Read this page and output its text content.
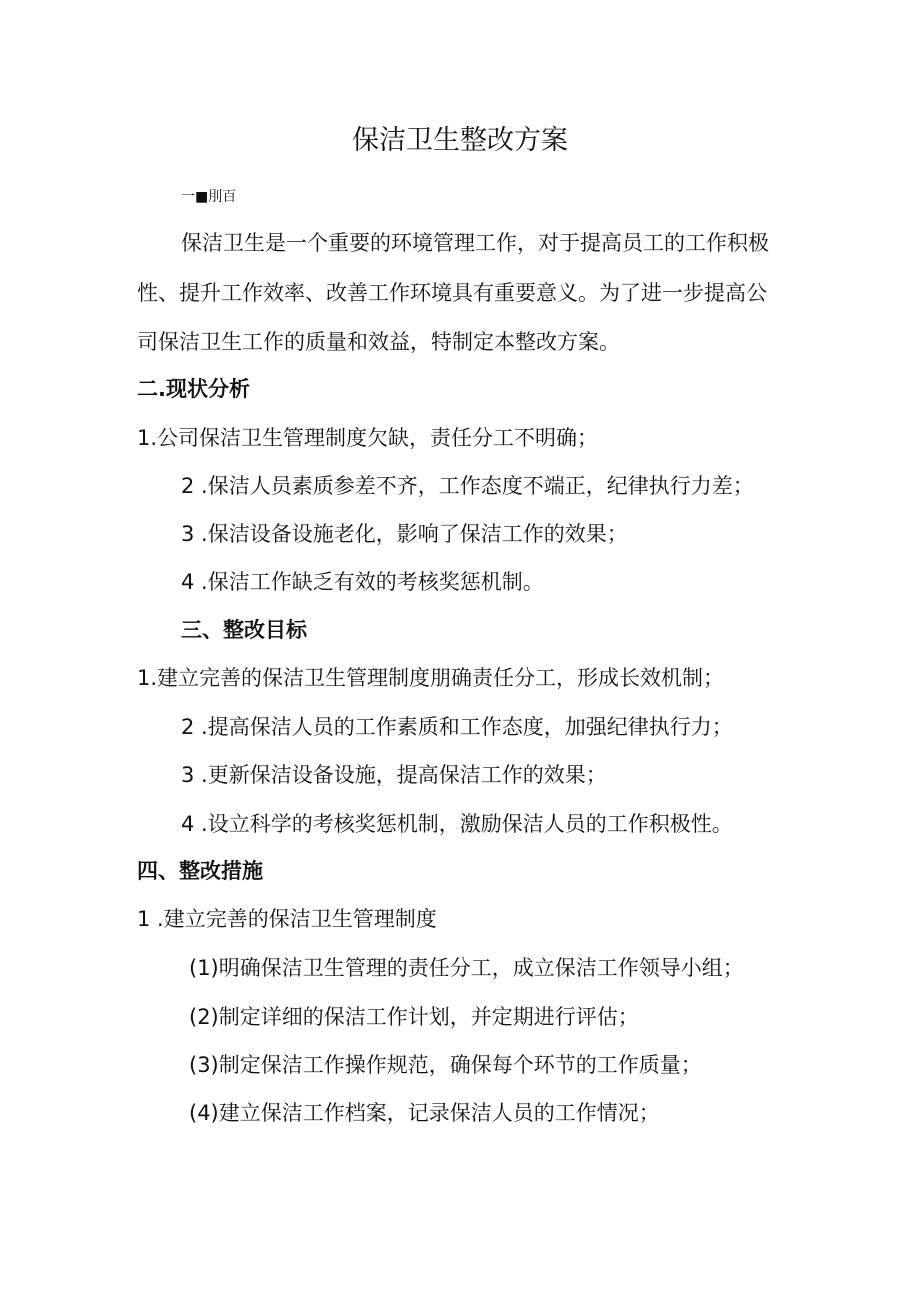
保洁卫生整改方案
一■刖百
保洁卫生是一个重要的环境管理工作，对于提高员工的工作积极
性、提升工作效率、改善工作环境具有重要意义。为了进一步提高公
司保洁卫生工作的质量和效益，特制定本整改方案。
二.现状分析
1.公司保洁卫生管理制度欠缺，责任分工不明确；
2 .保洁人员素质参差不齐，工作态度不端正，纪律执行力差；
3 .保洁设备设施老化，影响了保洁工作的效果；
4 .保洁工作缺乏有效的考核奖惩机制。
三、整改目标
1.建立完善的保洁卫生管理制度朋确责任分工，形成长效机制；
2 .提高保洁人员的工作素质和工作态度，加强纪律执行力；
3 .更新保洁设备设施，提高保洁工作的效果；
4 .设立科学的考核奖惩机制，激励保洁人员的工作积极性。
四、整改措施
1 .建立完善的保洁卫生管理制度
(1)明确保洁卫生管理的责任分工，成立保洁工作领导小组；
(2)制定详细的保洁工作计划，并定期进行评估；
(3)制定保洁工作操作规范，确保每个环节的工作质量；
(4)建立保洁工作档案，记录保洁人员的工作情况；
